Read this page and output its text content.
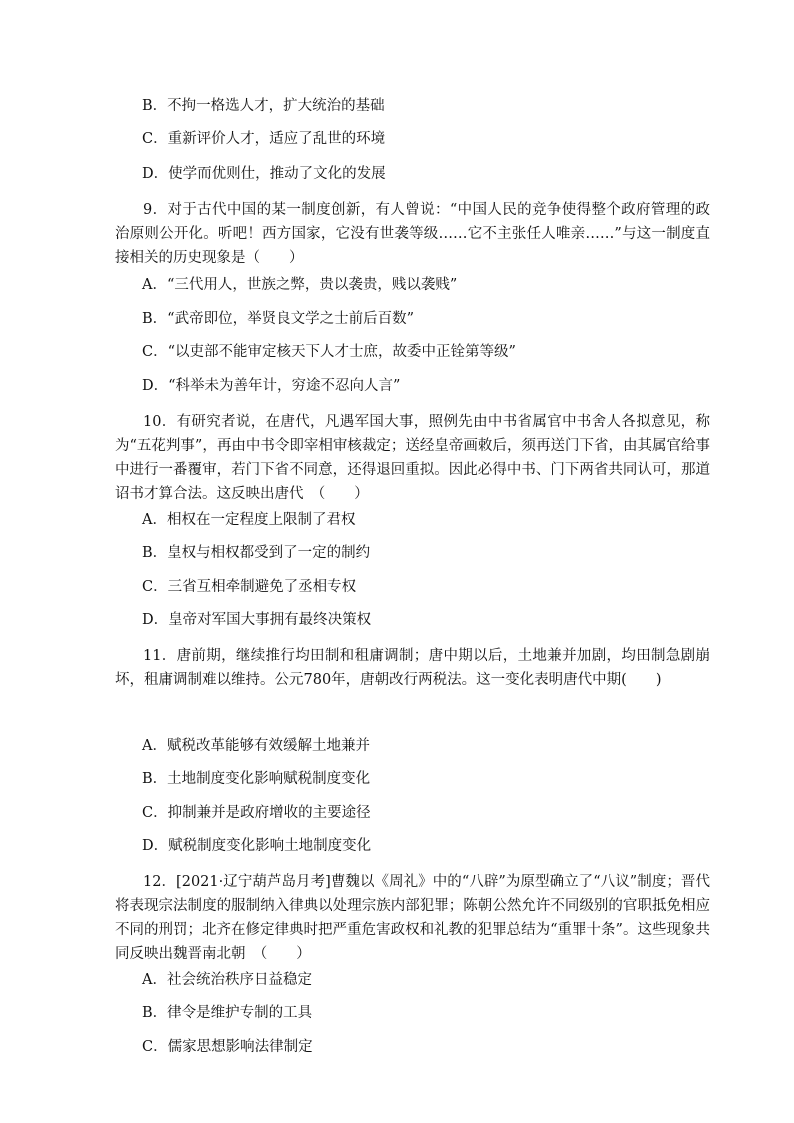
B．不拘一格选人才，扩大统治的基础
C．重新评价人才，适应了乱世的环境
D．使学而优则仕，推动了文化的发展
9．对于古代中国的某一制度创新，有人曾说：“中国人民的竞争使得整个政府管理的政治原则公开化。听吧！西方国家，它没有世袭等级……它不主张任人唯亲……”与这一制度直接相关的历史现象是（　　）
A．“三代用人，世族之弊，贵以袭贵，贱以袭贱”
B．“武帝即位，举贤良文学之士前后百数”
C．“以吏部不能审定核天下人才士庶，故委中正铨第等级”
D．“科举未为善年计，穷途不忍向人言”
10．有研究者说，在唐代，凡遇军国大事，照例先由中书省属官中书舍人各拟意见，称为“五花判事”，再由中书令即宰相审核裁定；送经皇帝画敕后，须再送门下省，由其属官给事中进行一番覆审，若门下省不同意，还得退回重拟。因此必得中书、门下两省共同认可，那道诏书才算合法。这反映出唐代　（　　）
A．相权在一定程度上限制了君权
B．皇权与相权都受到了一定的制约
C．三省互相牵制避免了丞相专权
D．皇帝对军国大事拥有最终决策权
11．唐前期，继续推行均田制和租庸调制；唐中期以后，土地兼并加剧，均田制急剧崩坏，租庸调制难以维持。公元780年，唐朝改行两税法。这一变化表明唐代中期(　　)
A．赋税改革能够有效缓解土地兼并
B．土地制度变化影响赋税制度变化
C．抑制兼并是政府增收的主要途径
D．赋税制度变化影响土地制度变化
12．[2021·辽宁葫芦岛月考]曹魏以《周礼》中的“八辟”为原型确立了“八议”制度；晋代将表现宗法制度的服制纳入律典以处理宗族内部犯罪；陈朝公然允许不同级别的官职抵免相应不同的刑罚；北齐在修定律典时把严重危害政权和礼教的犯罪总结为“重罪十条”。这些现象共同反映出魏晋南北朝　（　　）
A．社会统治秩序日益稳定
B．律令是维护专制的工具
C．儒家思想影响法律制定
